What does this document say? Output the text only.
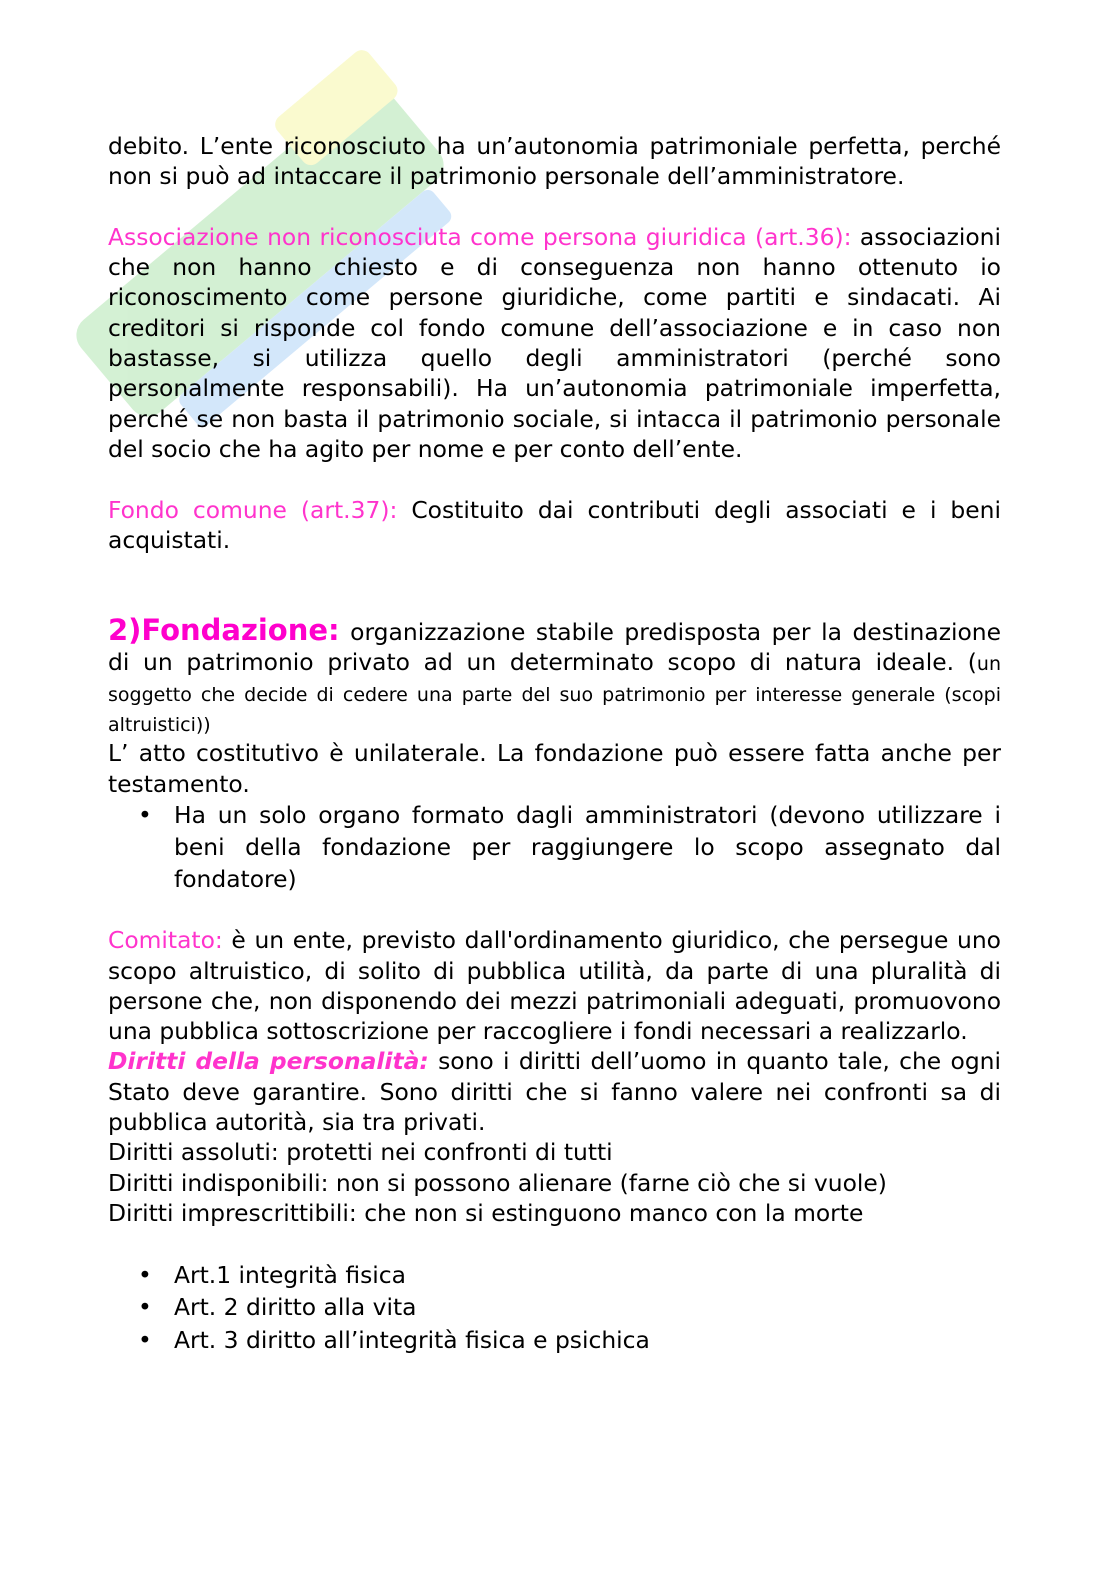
debito. L’ente riconosciuto ha un’autonomia patrimoniale perfetta, perché non si può ad intaccare il patrimonio personale dell’amministratore.

Associazione non riconosciuta come persona giuridica (art.36): associazioni che non hanno chiesto e di conseguenza non hanno ottenuto io riconoscimento come persone giuridiche, come partiti e sindacati. Ai creditori si risponde col fondo comune dell’associazione e in caso non bastasse, si utilizza quello degli amministratori (perché sono personalmente responsabili). Ha un’autonomia patrimoniale imperfetta, perché se non basta il patrimonio sociale, si intacca il patrimonio personale del socio che ha agito per nome e per conto dell’ente.

Fondo comune (art.37): Costituito dai contributi degli associati e i beni acquistati.

2)Fondazione: organizzazione stabile predisposta per la destinazione di un patrimonio privato ad un determinato scopo di natura ideale. (un soggetto che decide di cedere una parte del suo patrimonio per interesse generale (scopi altruistici))

L’ atto costitutivo è unilaterale. La fondazione può essere fatta anche per testamento.

• Ha un solo organo formato dagli amministratori (devono utilizzare i beni della fondazione per raggiungere lo scopo assegnato dal fondatore)

Comitato: è un ente, previsto dall'ordinamento giuridico, che persegue uno scopo altruistico, di solito di pubblica utilità, da parte di una pluralità di persone che, non disponendo dei mezzi patrimoniali adeguati, promuovono una pubblica sottoscrizione per raccogliere i fondi necessari a realizzarlo.

Diritti della personalità: sono i diritti dell’uomo in quanto tale, che ogni Stato deve garantire. Sono diritti che si fanno valere nei confronti sa di pubblica autorità, sia tra privati.

Diritti assoluti: protetti nei confronti di tutti

Diritti indisponibili: non si possono alienare (farne ciò che si vuole)

Diritti imprescrittibili: che non si estinguono manco con la morte

• Art.1 integrità fisica
• Art. 2 diritto alla vita
• Art. 3 diritto all’integrità fisica e psichica
